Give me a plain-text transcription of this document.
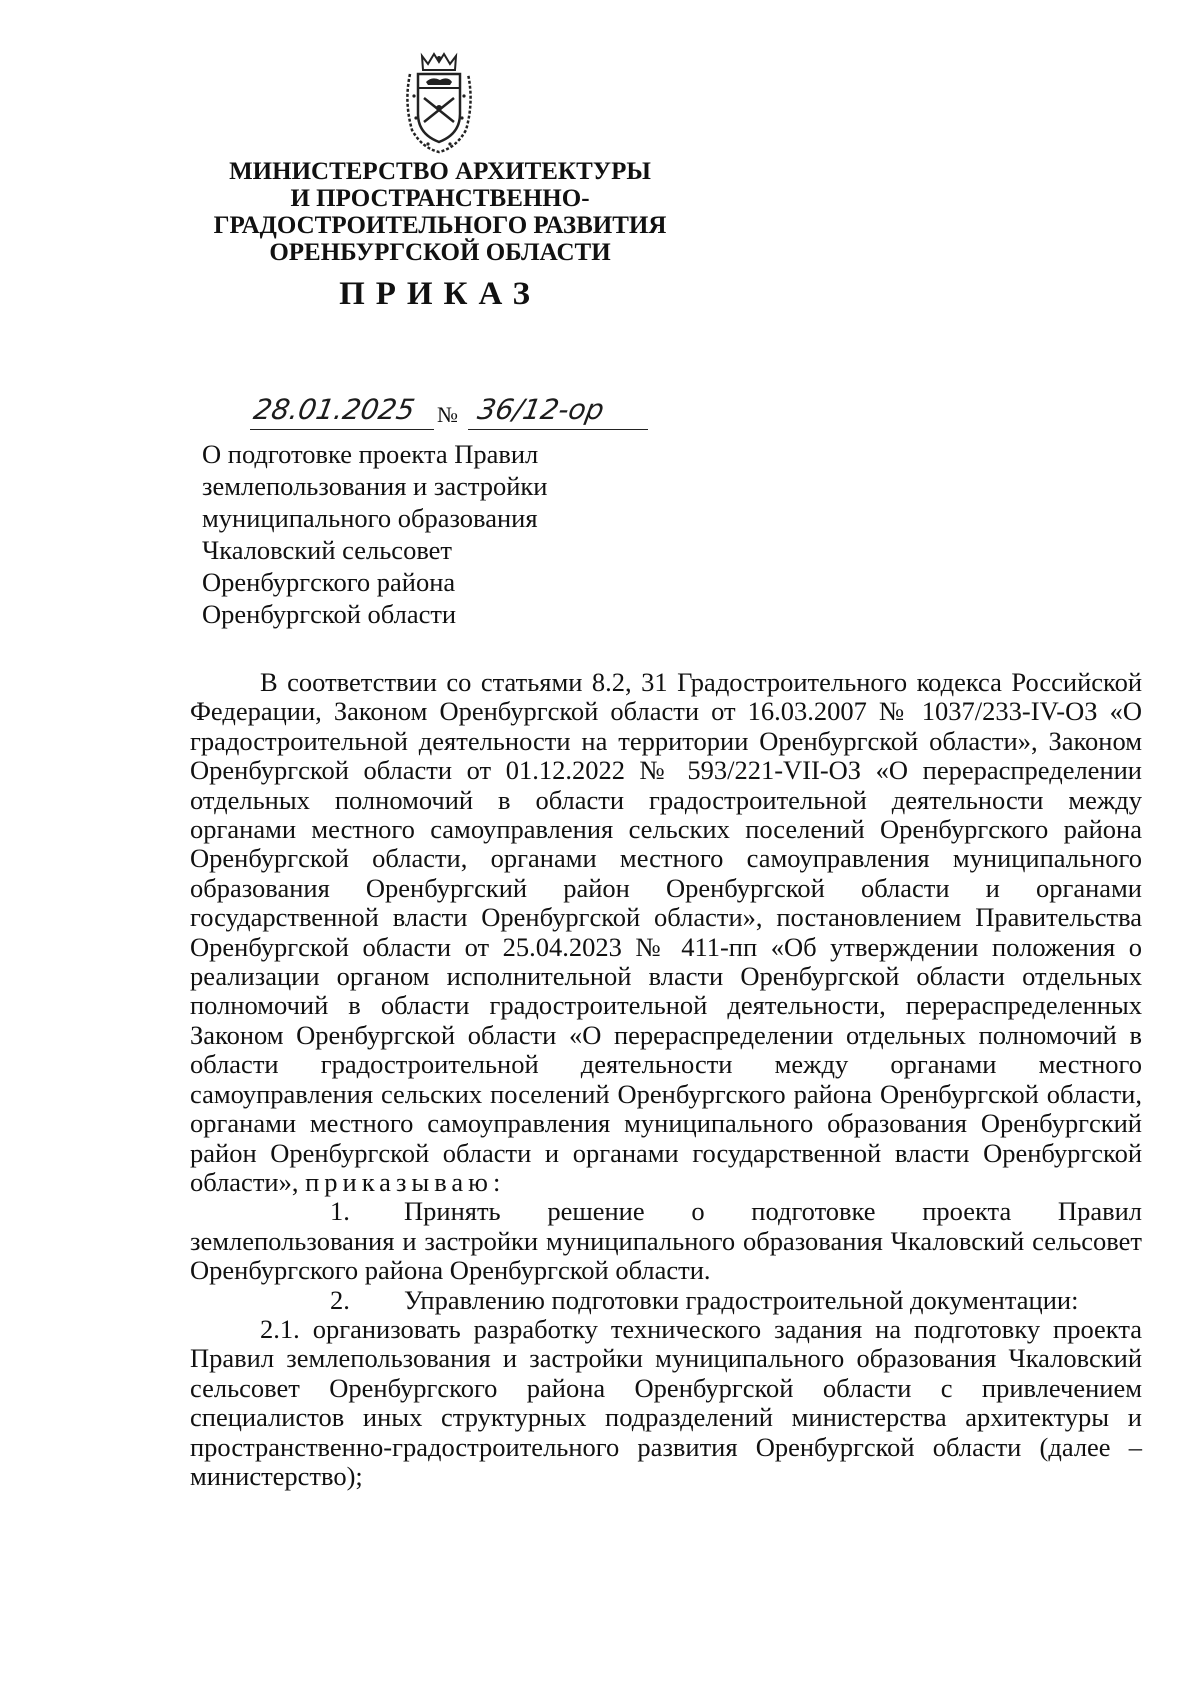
МИНИСТЕРСТВО АРХИТЕКТУРЫ
И ПРОСТРАНСТВЕННО-
ГРАДОСТРОИТЕЛЬНОГО РАЗВИТИЯ
ОРЕНБУРГСКОЙ ОБЛАСТИ
ПРИКАЗ
28.01.2025 № 36/12-ор
О подготовке проекта Правил
землепользования и застройки
муниципального образования
Чкаловский сельсовет
Оренбургского района
Оренбургской области

В соответствии со статьями 8.2, 31 Градостроительного кодекса Российской Федерации, Законом Оренбургской области от 16.03.2007 № 1037/233-IV-ОЗ «О градостроительной деятельности на территории Оренбургской области», Законом Оренбургской области от 01.12.2022 № 593/221-VII-ОЗ «О перераспределении отдельных полномочий в области градостроительной деятельности между органами местного самоуправления сельских поселений Оренбургского района Оренбургской области, органами местного самоуправления муниципального образования Оренбургский район Оренбургской области и органами государственной власти Оренбургской области», постановлением Правительства Оренбургской области от 25.04.2023 № 411-пп «Об утверждении положения о реализации органом исполнительной власти Оренбургской области отдельных полномочий в области градостроительной деятельности, перераспределенных Законом Оренбургской области «О перераспределении отдельных полномочий в области градостроительной деятельности между органами местного самоуправления сельских поселений Оренбургского района Оренбургской области, органами местного самоуправления муниципального образования Оренбургский район Оренбургской области и органами государственной власти Оренбургской области», приказываю:

1. Принять решение о подготовке проекта Правил землепользования и застройки муниципального образования Чкаловский сельсовет Оренбургского района Оренбургской области.

2. Управлению подготовки градостроительной документации:

2.1. организовать разработку технического задания на подготовку проекта Правил землепользования и застройки муниципального образования Чкаловский сельсовет Оренбургского района Оренбургской области с привлечением специалистов иных структурных подразделений министерства архитектуры и пространственно-градостроительного развития Оренбургской области (далее – министерство);
